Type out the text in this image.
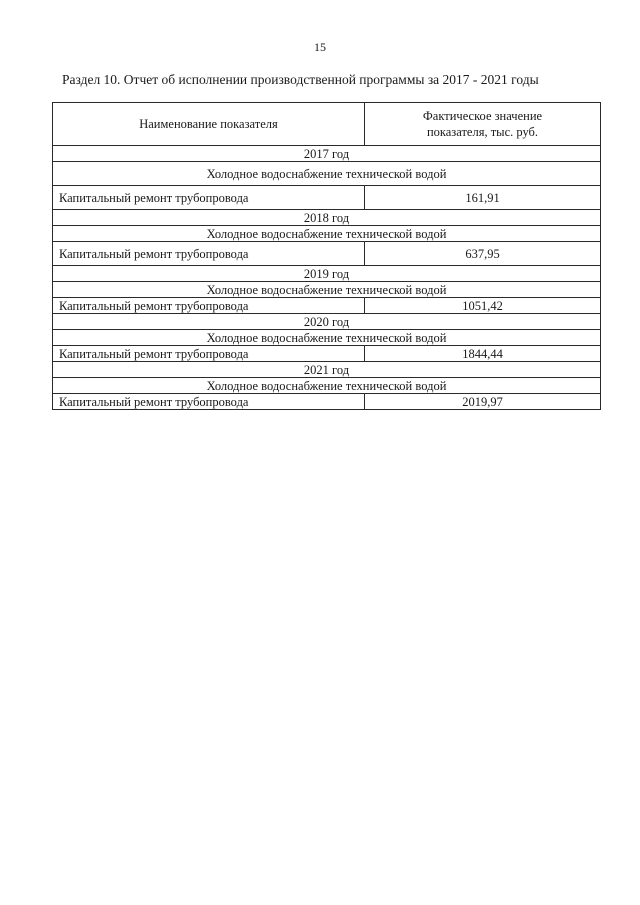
15
Раздел 10. Отчет об исполнении производственной программы за 2017 - 2021 годы
Наименование показателя	Фактическое значение
показателя, тыс. руб.

2017 год	
Холодное водоснабжение технической водой	
Капитальный ремонт трубопровода	161,91
2018 год	
Холодное водоснабжение технической водой	
Капитальный ремонт трубопровода	637,95
2019 год	
Холодное водоснабжение технической водой	
Капитальный ремонт трубопровода	1051,42
2020 год	
Холодное водоснабжение технической водой	
Капитальный ремонт трубопровода	1844,44
2021 год	
Холодное водоснабжение технической водой	
Капитальный ремонт трубопровода	2019,97
